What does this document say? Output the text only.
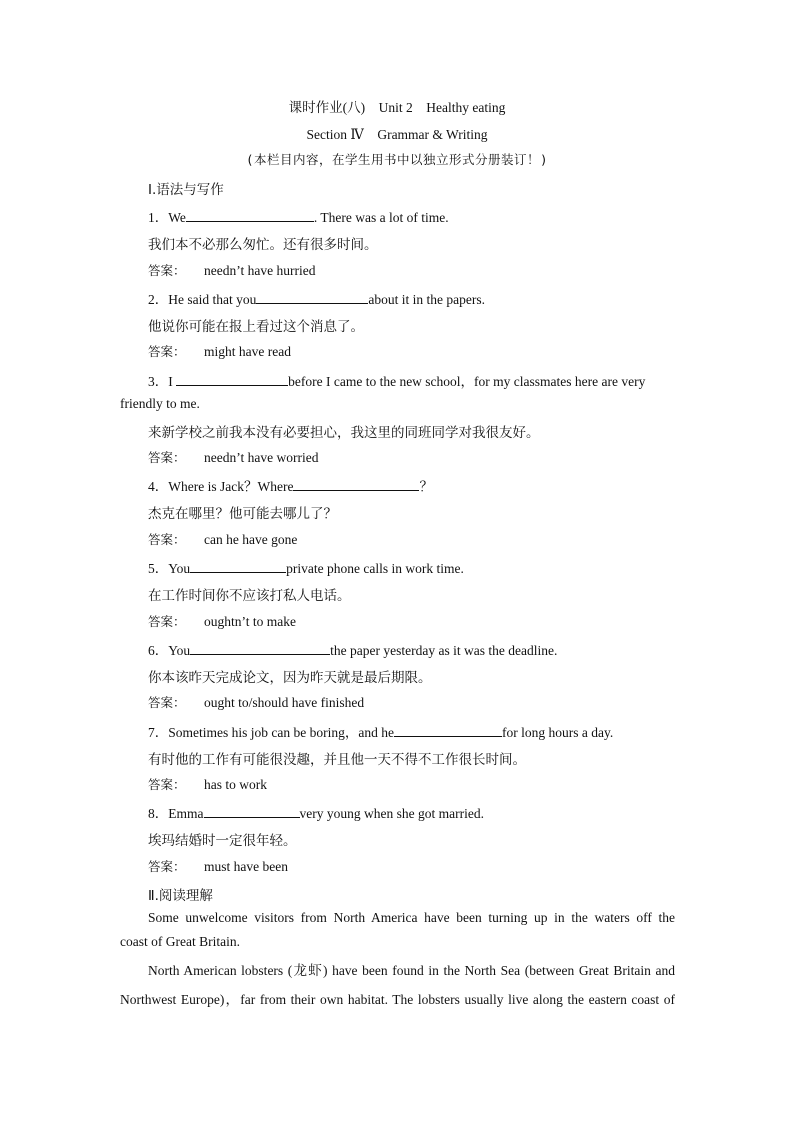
课时作业(八)　Unit 2　Healthy eating
Section Ⅳ　Grammar & Writing
(本栏目内容，在学生用书中以独立形式分册装订！)
Ⅰ.语法与写作
1．We	. There was a lot of time.
我们本不必那么匆忙。还有很多时间。
答案： needn’t have hurried
2．He said that you	about it in the papers.
他说你可能在报上看过这个消息了。
答案： might have read
3．I	before I came to the new school，for my classmates here are very
friendly to me.
来新学校之前我本没有必要担心，我这里的同班同学对我很友好。
答案： needn’t have worried
4．Where is Jack？Where	？
杰克在哪里？他可能去哪儿了？
答案： can he have gone
5．You	private phone calls in work time.
在工作时间你不应该打私人电话。
答案： oughtn’t to make
6．You	the paper yesterday as it was the deadline.
你本该昨天完成论文，因为昨天就是最后期限。
答案： ought to/should have finished
7．Sometimes his job can be boring，and he	for long hours a day.
有时他的工作有可能很没趣，并且他一天不得不工作很长时间。
答案： has to work
8．Emma	very young when she got married.
埃玛结婚时一定很年轻。
答案： must have been
Ⅱ.阅读理解
Some unwelcome visitors from North America have been turning up in the waters off the
coast of Great Britain.
North American lobsters (龙虾) have been found in the North Sea (between Great Britain and
Northwest Europe)，far from their own habitat. The lobsters usually live along the eastern coast of
